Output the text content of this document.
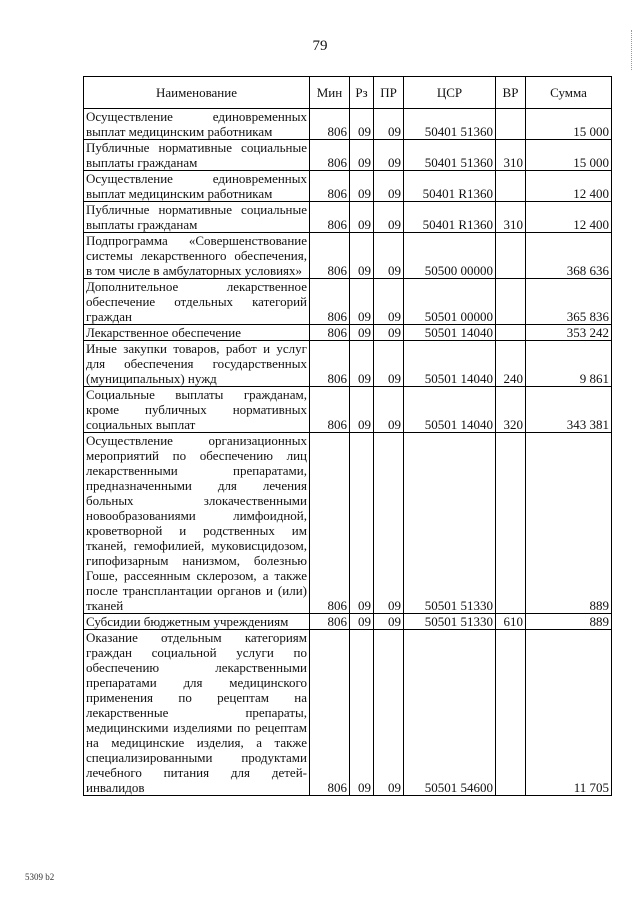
79
Наименование	Мин	Рз	ПР	ЦСР	ВР	Сумма
Осуществление единовременных выплат медицинским работникам	806	09	09	50401 51360		15 000
Публичные нормативные социальные выплаты гражданам	806	09	09	50401 51360	310	15 000
Осуществление единовременных выплат медицинским работникам	806	09	09	50401 R1360		12 400
Публичные нормативные социальные выплаты гражданам	806	09	09	50401 R1360	310	12 400
Подпрограмма «Совершенствование системы лекарственного обеспечения, в том числе в амбулаторных условиях»	806	09	09	50500 00000		368 636
Дополнительное лекарственное обеспечение отдельных категорий граждан	806	09	09	50501 00000		365 836
Лекарственное обеспечение	806	09	09	50501 14040		353 242
Иные закупки товаров, работ и услуг для обеспечения государственных (муниципальных) нужд	806	09	09	50501 14040	240	9 861
Социальные выплаты гражданам, кроме публичных нормативных социальных выплат	806	09	09	50501 14040	320	343 381
Осуществление организационных мероприятий по обеспечению лиц лекарственными препаратами, предназначенными для лечения больных злокачественными новообразованиями лимфоидной, кроветворной и родственных им тканей, гемофилией, муковисцидозом, гипофизарным нанизмом, болезнью Гоше, рассеянным склерозом, а также после трансплантации органов и (или) тканей	806	09	09	50501 51330		889
Субсидии бюджетным учреждениям	806	09	09	50501 51330	610	889
Оказание отдельным категориям граждан социальной услуги по обеспечению лекарственными препаратами для медицинского применения по рецептам на лекарственные препараты, медицинскими изделиями по рецептам на медицинские изделия, а также специализированными продуктами лечебного питания для детей-инвалидов	806	09	09	50501 54600		11 705
5309 b2
